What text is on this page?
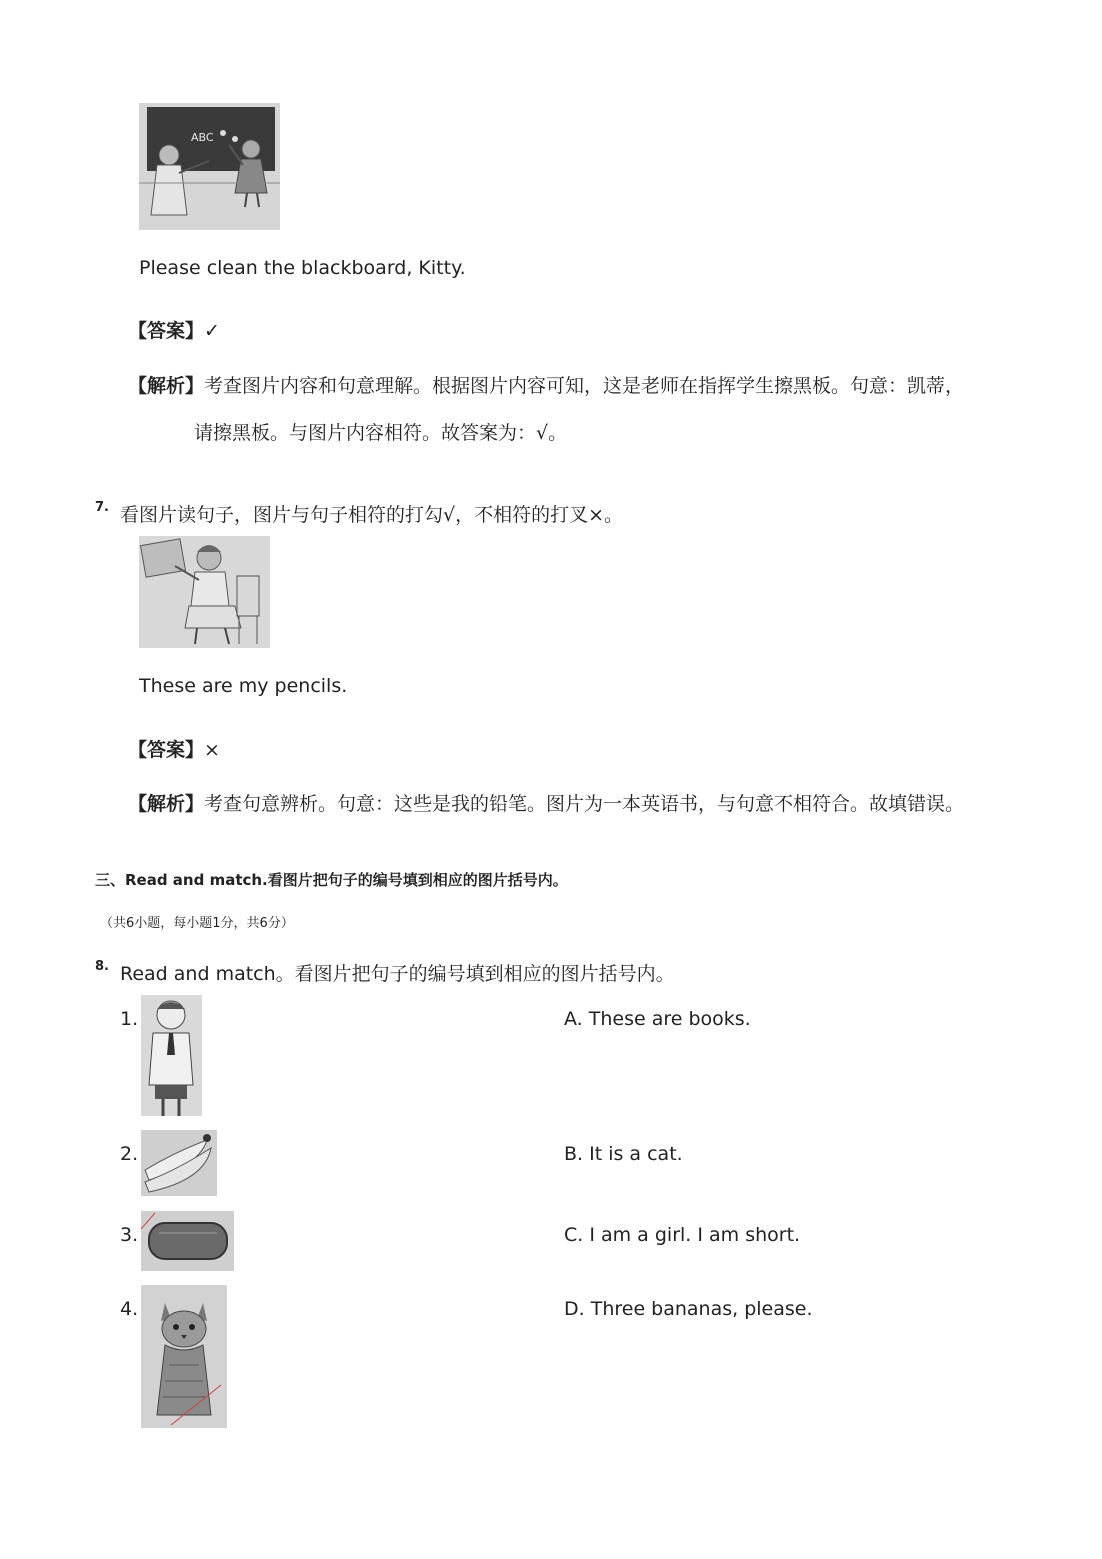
ABC
Please clean the blackboard, Kitty.
【答案】✓
【解析】考查图片内容和句意理解。根据图片内容可知，这是老师在指挥学生擦黑板。句意：凯蒂，
请擦黑板。与图片内容相符。故答案为：√。
7. 看图片读句子，图片与句子相符的打勾√，不相符的打叉×。
These are my pencils.
【答案】×
【解析】考查句意辨析。句意：这些是我的铅笔。图片为一本英语书，与句意不相符合。故填错误。
三、Read and match.看图片把句子的编号填到相应的图片括号内。
（共6小题，每小题1分，共6分）
8. Read and match。看图片把句子的编号填到相应的图片括号内。
1.	A. These are books.
2.	B. It is a cat.
3.	C. I am a girl. I am short.
4.	D. Three bananas, please.
